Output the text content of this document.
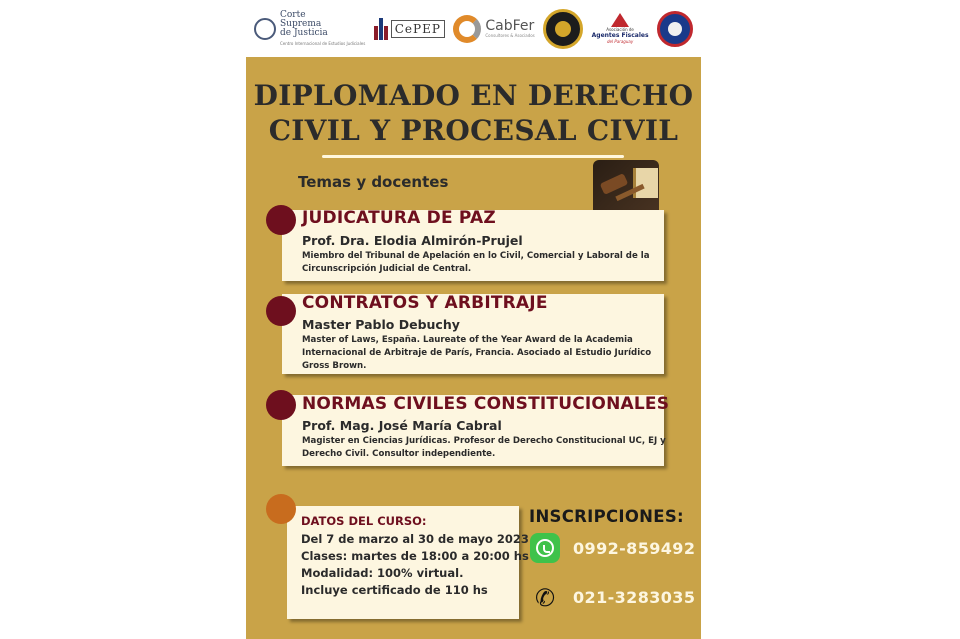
Corte
Suprema
de Justicia
Centro Internacional de Estudios Judiciales
CePEP	CabFer
Consultores & Asociados
Asociación de
Agentes Fiscales
del Paraguay
DIPLOMADO EN DERECHO
CIVIL Y PROCESAL CIVIL
Temas y docentes
JUDICATURA DE PAZ
Prof. Dra. Elodia Almirón-Prujel
Miembro del Tribunal de Apelación en lo Civil, Comercial y Laboral de la
Circunscripción Judicial de Central.
CONTRATOS Y ARBITRAJE
Master Pablo Debuchy
Master of Laws, España. Laureate of the Year Award de la Academia
Internacional de Arbitraje de París, Francia. Asociado al Estudio Jurídico
Gross Brown.
NORMAS CIVILES CONSTITUCIONALES
Prof. Mag. José María Cabral
Magister en Ciencias Jurídicas. Profesor de Derecho Constitucional UC, EJ y
Derecho Civil. Consultor independiente.
DATOS DEL CURSO:
Del 7 de marzo al 30 de mayo 2023
Clases: martes de 18:00 a 20:00 hs
Modalidad: 100% virtual.
Incluye certificado de 110 hs
INSCRIPCIONES:
0992-859492
✆	021-3283035
